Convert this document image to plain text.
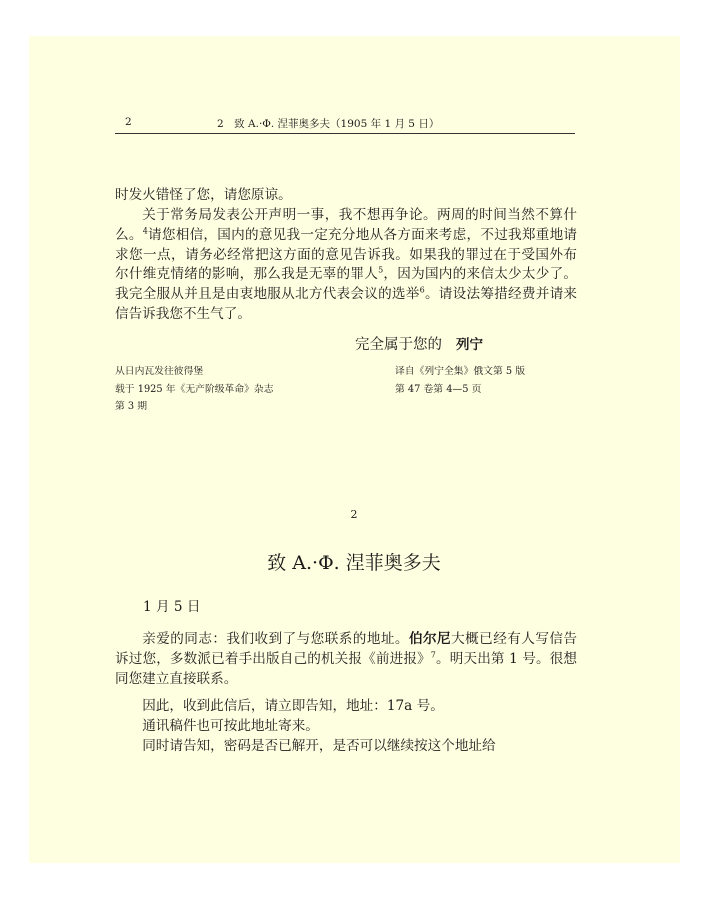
2	2　致 A.·Φ. 涅菲奥多夫（1905 年 1 月 5 日）

时发火错怪了您，请您原谅。

关于常务局发表公开声明一事，我不想再争论。两周的时间当然不算什么。$^4$请您相信，国内的意见我一定充分地从各方面来考虑，不过我郑重地请求您一点，请务必经常把这方面的意见告诉我。如果我的罪过在于受国外布尔什维克情绪的影响，那么我是无辜的罪人$^5$，因为国内的来信太少太少了。我完全服从并且是由衷地服从北方代表会议的选举$^6$。请设法筹措经费并请来信告诉我您不生气了。

完全属于您的 列宁
从日内瓦发往彼得堡
载于 1925 年《无产阶级革命》杂志
第 3 期
译自《列宁全集》俄文第 5 版
第 47 卷第 4—5 页
2
致 A.·Φ. 涅菲奥多夫
1 月 5 日

亲爱的同志：我们收到了与您联系的地址。伯尔尼大概已经有人写信告诉过您，多数派已着手出版自己的机关报《前进报》$^7$。明天出第 1 号。很想同您建立直接联系。

因此，收到此信后，请立即告知，地址：17a 号。

通讯稿件也可按此地址寄来。

同时请告知，密码是否已解开，是否可以继续按这个地址给
